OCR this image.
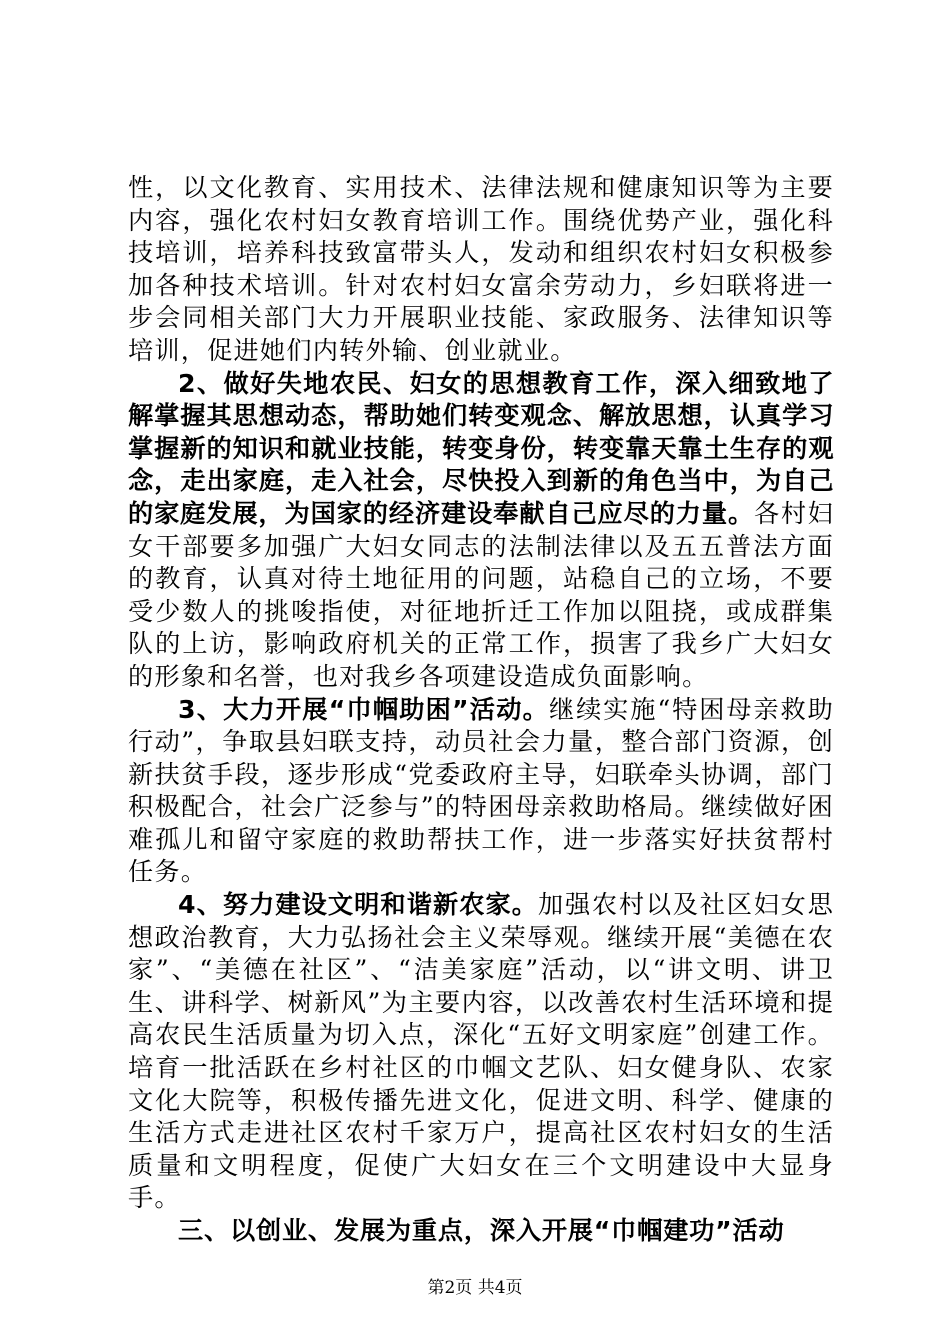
性，以文化教育、实用技术、法律法规和健康知识等为主要内容，强化农村妇女教育培训工作。围绕优势产业，强化科技培训，培养科技致富带头人，发动和组织农村妇女积极参加各种技术培训。针对农村妇女富余劳动力，乡妇联将进一步会同相关部门大力开展职业技能、家政服务、法律知识等培训，促进她们内转外输、创业就业。

2、做好失地农民、妇女的思想教育工作，深入细致地了解掌握其思想动态，帮助她们转变观念、解放思想，认真学习掌握新的知识和就业技能，转变身份，转变靠天靠土生存的观念，走出家庭，走入社会，尽快投入到新的角色当中，为自己的家庭发展，为国家的经济建设奉献自己应尽的力量。各村妇女干部要多加强广大妇女同志的法制法律以及五五普法方面的教育，认真对待土地征用的问题，站稳自己的立场，不要受少数人的挑唆指使，对征地折迁工作加以阻挠，或成群集队的上访，影响政府机关的正常工作，损害了我乡广大妇女的形象和名誉，也对我乡各项建设造成负面影响。

3、大力开展“巾帼助困”活动。继续实施“特困母亲救助行动”，争取县妇联支持，动员社会力量，整合部门资源，创新扶贫手段，逐步形成“党委政府主导，妇联牵头协调，部门积极配合，社会广泛参与”的特困母亲救助格局。继续做好困难孤儿和留守家庭的救助帮扶工作，进一步落实好扶贫帮村任务。

4、努力建设文明和谐新农家。加强农村以及社区妇女思想政治教育，大力弘扬社会主义荣辱观。继续开展“美德在农家”、“美德在社区”、“洁美家庭”活动，以“讲文明、讲卫生、讲科学、树新风”为主要内容，以改善农村生活环境和提高农民生活质量为切入点，深化“五好文明家庭”创建工作。培育一批活跃在乡村社区的巾帼文艺队、妇女健身队、农家文化大院等，积极传播先进文化，促进文明、科学、健康的生活方式走进社区农村千家万户，提高社区农村妇女的生活质量和文明程度，促使广大妇女在三个文明建设中大显身手。

三、以创业、发展为重点，深入开展“巾帼建功”活动

第2页 共4页
